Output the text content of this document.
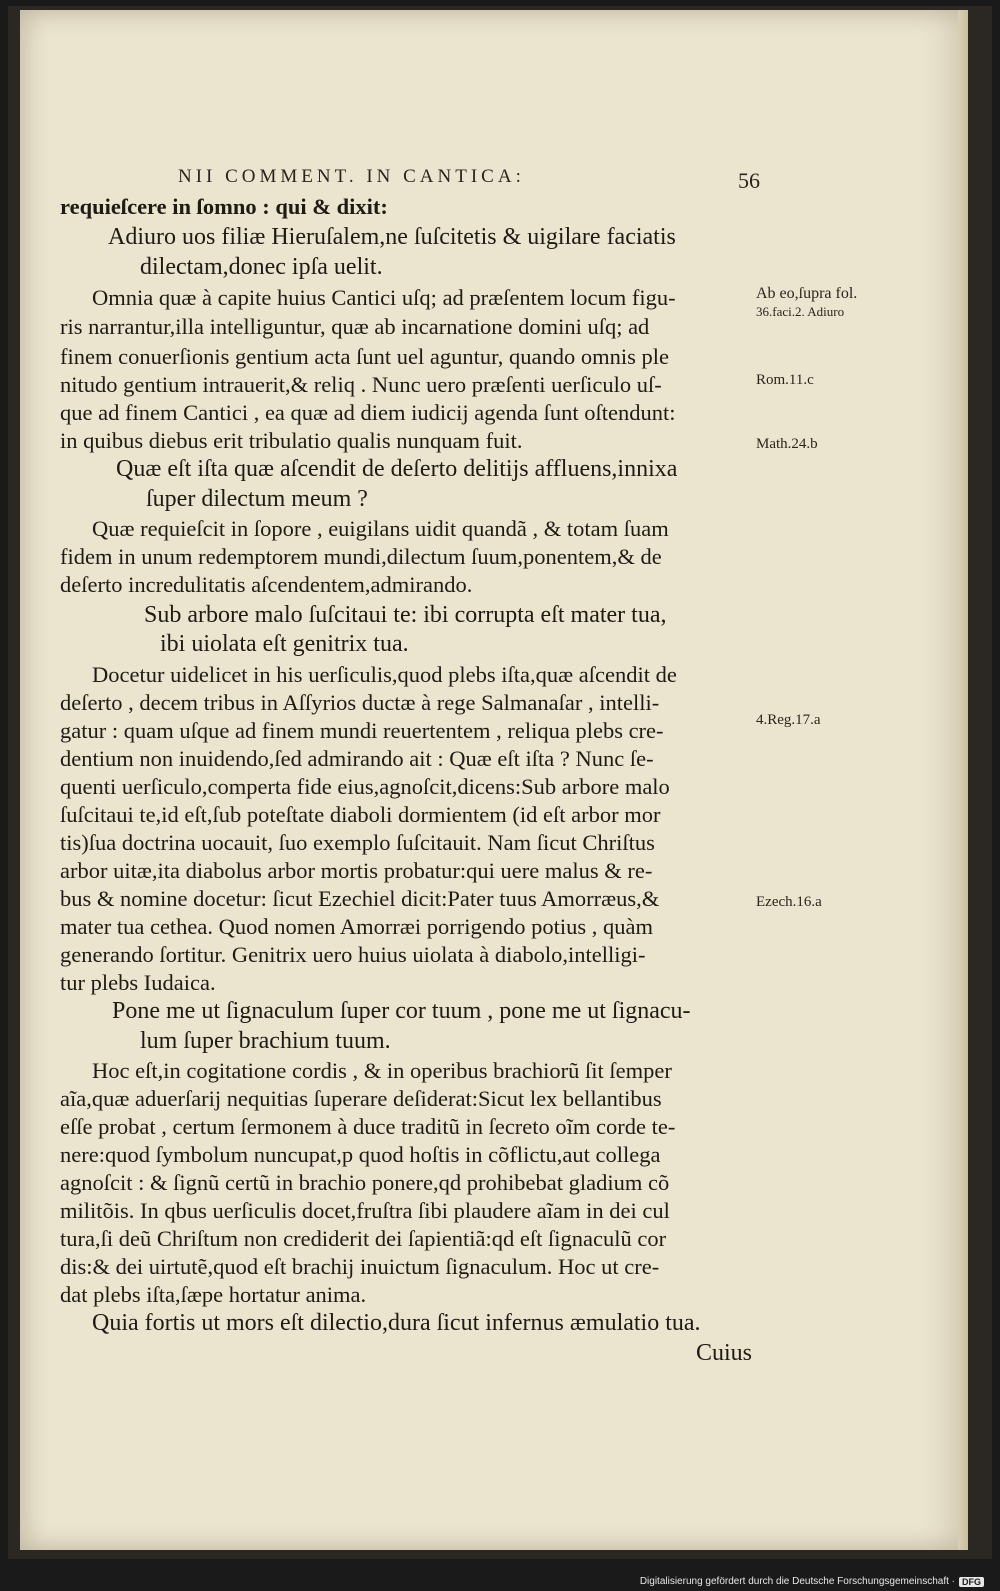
NII COMMENT. IN CANTICA:	56
requieſcere in ſomno : qui & dixit:
Adiuro uos filiæ Hieruſalem,ne ſuſcitetis & uigilare faciatis
dilectam,donec ipſa uelit.
Omnia quæ à capite huius Cantici uſq; ad præſentem locum figu-
ris narrantur,illa intelliguntur, quæ ab incarnatione domini uſq; ad
finem conuerſionis gentium acta ſunt uel aguntur, quando omnis ple
nitudo gentium intrauerit,& reliq . Nunc uero præſenti uerſiculo uſ-
que ad finem Cantici , ea quæ ad diem iudicij agenda ſunt oſtendunt:
in quibus diebus erit tribulatio qualis nunquam fuit.
Quæ eſt iſta quæ aſcendit de deſerto delitijs affluens,innixa
ſuper dilectum meum ?
Quæ requieſcit in ſopore , euigilans uidit quandã , & totam ſuam
fidem in unum redemptorem mundi,dilectum ſuum,ponentem,& de
deſerto incredulitatis aſcendentem,admirando.
Sub arbore malo ſuſcitaui te: ibi corrupta eſt mater tua,
ibi uiolata eſt genitrix tua.
Docetur uidelicet in his uerſiculis,quod plebs iſta,quæ aſcendit de
deſerto , decem tribus in Aſſyrios ductæ à rege Salmanaſar , intelli-
gatur : quam uſque ad finem mundi reuertentem , reliqua plebs cre-
dentium non inuidendo,ſed admirando ait : Quæ eſt iſta ? Nunc ſe-
quenti uerſiculo,comperta fide eius,agnoſcit,dicens:Sub arbore malo
ſuſcitaui te,id eſt,ſub poteſtate diaboli dormientem (id eſt arbor mor
tis)ſua doctrina uocauit, ſuo exemplo ſuſcitauit. Nam ſicut Chriſtus
arbor uitæ,ita diabolus arbor mortis probatur:qui uere malus & re-
bus & nomine docetur: ſicut Ezechiel dicit:Pater tuus Amorræus,&
mater tua cethea. Quod nomen Amorræi porrigendo potius , quàm
generando ſortitur. Genitrix uero huius uiolata à diabolo,intelligi-
tur plebs Iudaica.
Pone me ut ſignaculum ſuper cor tuum , pone me ut ſignacu-
lum ſuper brachium tuum.
Hoc eſt,in cogitatione cordis , & in operibus brachiorũ ſit ſemper
aĩa,quæ aduerſarij nequitias ſuperare deſiderat:Sicut lex bellantibus
eſſe probat , certum ſermonem à duce traditũ in ſecreto oĩm corde te-
nere:quod ſymbolum nuncupat,p quod hoſtis in cõflictu,aut collega
agnoſcit : & ſignũ certũ in brachio ponere,qd prohibebat gladium cõ
militõis. In qbus uerſiculis docet,fruſtra ſibi plaudere aĩam in dei cul
tura,ſi deũ Chriſtum non crediderit dei ſapientiã:qd eſt ſignaculũ cor
dis:& dei uirtutẽ,quod eſt brachij inuictum ſignaculum. Hoc ut cre-
dat plebs iſta,ſæpe hortatur anima.
Quia fortis ut mors eſt dilectio,dura ſicut infernus æmulatio tua.
Cuius
Ab eo,ſupra fol.
36.faci.2. Adiuro
Rom.11.c
Math.24.b
4.Reg.17.a
Ezech.16.a
Digitalisierung gefördert durch die Deutsche Forschungsgemeinschaft · DFG
